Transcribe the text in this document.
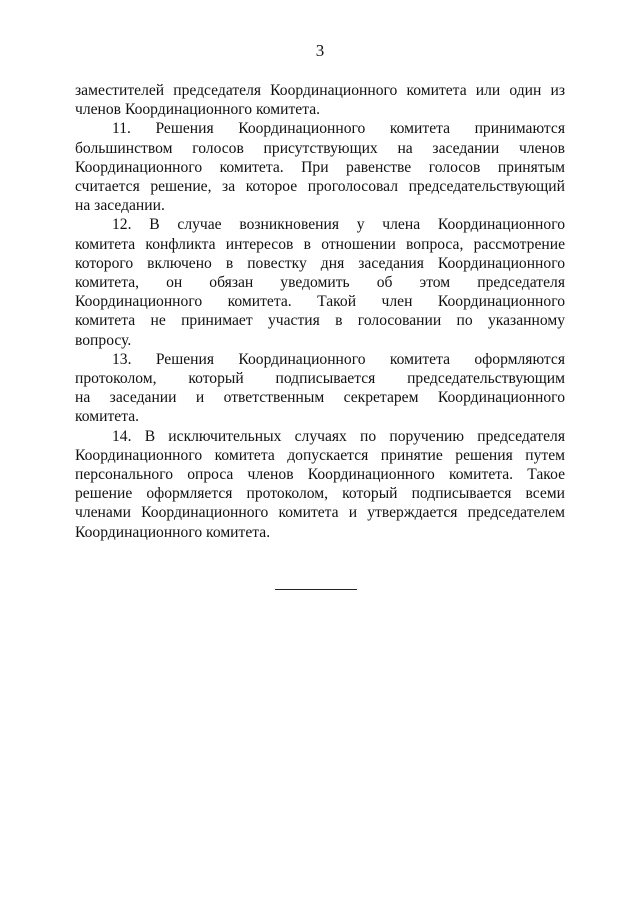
3

заместителей председателя Координационного комитета или один из
членов Координационного комитета.

11. Решения Координационного комитета принимаются
большинством голосов присутствующих на заседании членов
Координационного комитета. При равенстве голосов принятым
считается решение, за которое проголосовал председательствующий
на заседании.

12. В случае возникновения у члена Координационного
комитета конфликта интересов в отношении вопроса, рассмотрение
которого включено в повестку дня заседания Координационного
комитета, он обязан уведомить об этом председателя
Координационного комитета. Такой член Координационного
комитета не принимает участия в голосовании по указанному
вопросу.

13. Решения Координационного комитета оформляются
протоколом, который подписывается председательствующим
на заседании и ответственным секретарем Координационного
комитета.

14. В исключительных случаях по поручению председателя
Координационного комитета допускается принятие решения путем
персонального опроса членов Координационного комитета. Такое
решение оформляется протоколом, который подписывается всеми
членами Координационного комитета и утверждается председателем
Координационного комитета.
